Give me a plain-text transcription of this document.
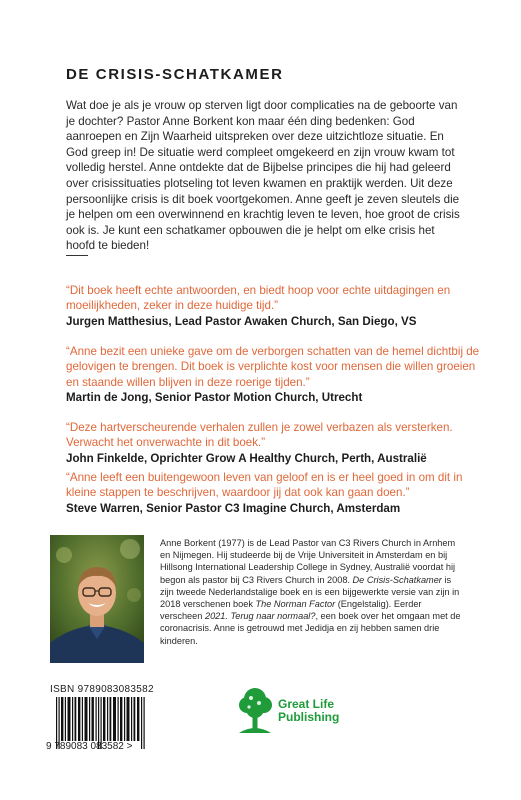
DE CRISIS-SCHATKAMER
Wat doe je als je vrouw op sterven ligt door complicaties na de geboorte van je dochter? Pastor Anne Borkent kon maar één ding bedenken: God aanroepen en Zijn Waarheid uitspreken over deze uitzichtloze situatie. En God greep in! De situatie werd compleet omgekeerd en zijn vrouw kwam tot volledig herstel. Anne ontdekte dat de Bijbelse principes die hij had geleerd over crisissituaties plotseling tot leven kwamen en praktijk werden. Uit deze persoonlijke crisis is dit boek voortgekomen. Anne geeft je zeven sleutels die je helpen om een overwinnend en krachtig leven te leven, hoe groot de crisis ook is. Je kunt een schatkamer opbouwen die je helpt om elke crisis het hoofd te bieden!
“Dit boek heeft echte antwoorden, en biedt hoop voor echte uitdagingen en moeilijkheden, zeker in deze huidige tijd.”
Jurgen Matthesius, Lead Pastor Awaken Church, San Diego, VS
“Anne bezit een unieke gave om de verborgen schatten van de hemel dichtbij de gelovigen te brengen. Dit boek is verplichte kost voor mensen die willen groeien en staande willen blijven in deze roerige tijden.”
Martin de Jong, Senior Pastor Motion Church, Utrecht
“Deze hartverscheurende verhalen zullen je zowel verbazen als versterken. Verwacht het onverwachte in dit boek.”
John Finkelde, Oprichter Grow A Healthy Church, Perth, Australië
“Anne leeft een buitengewoon leven van geloof en is er heel goed in om dit in kleine stappen te beschrijven, waardoor jij dat ook kan gaan doen.”
Steve Warren, Senior Pastor C3 Imagine Church, Amsterdam
Anne Borkent (1977) is de Lead Pastor van C3 Rivers Church in Arnhem en Nijmegen. Hij studeerde bij de Vrije Universiteit in Amsterdam en bij Hillsong International Leadership College in Sydney, Australië voordat hij begon als pastor bij C3 Rivers Church in 2008. De Crisis-Schatkamer is zijn tweede Nederlandstalige boek en is een bijgewerkte versie van zijn in 2018 verschenen boek The Norman Factor (Engelstalig). Eerder verscheen 2021. Terug naar normaal?, een boek over het omgaan met de coronacrisis. Anne is getrouwd met Jedidja en zij hebben samen drie kinderen.
ISBN 9789083083582
9 789083 083582 >
Great Life
Publishing
